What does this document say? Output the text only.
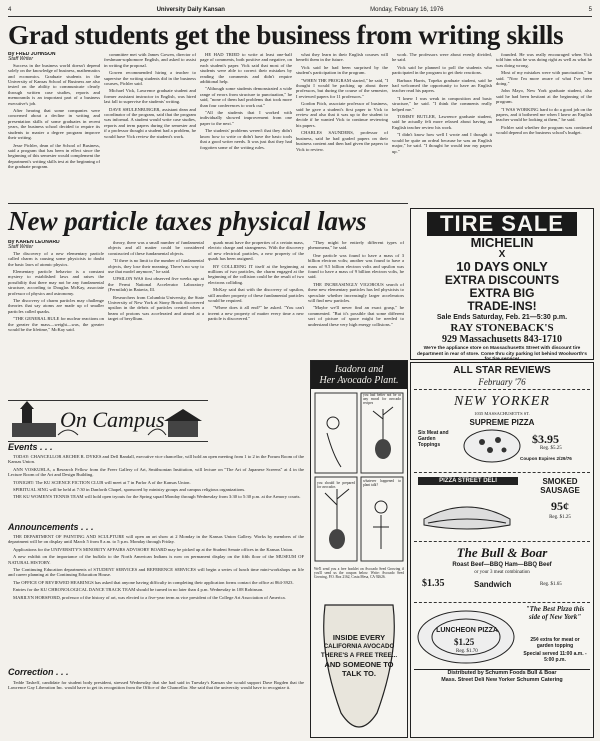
4	University Daily Kansan	Monday, February 16, 1976	5
Grad students get the business from writing skills
By FRED JOHNSON
Staff Writer

Success in the business world doesn't depend solely on the knowledge of business, mathematics and economics. Graduate students in the University of Kansas School of Business are also tested on the ability to communicate clearly through written case studies, reports and memoranda is an important part of a business executive's job.

After hearing that some companies were concerned about a decline in writing and presentation skills of some graduates in recent years, the business school decided to require its students to master a degree program improve their writing.

Jesse Pichler, dean of the School of Business, said a program that has been in effect since the beginning of this semester would complement the department's writing skills test at the beginning of the graduate program.

committee met with James Gowen, director of freshman-sophomore English, and asked to assist in writing the proposal.

Gowen recommended hiring a teacher to supervise the writing students did in the business courses, Pichler said.

Michael Vick, Lawrence graduate student and former assistant instructor in English, was hired last fall to supervise the students' writing.

DAVE SHULENBURGER, assistant dean and coordinator of the program, said that the program was informal. A student would write case studies, reports and term papers during the semester and if a professor thought a student had a problem, he would have Vick review the student's work.

HE HAD TRIED to write at least one-half page of comments, both positive and negative, on each student's paper. Vick said that most of the students were able to correct their mistakes by reading the comments and didn't require additional help.

"Although some students demonstrated a wide range of errors from structure to punctuation," he said, "none of them had problems that took more than four conferences to work out."

"All the students that I worked with individually showed improvement from one paper to the next."

The students' problems weren't that they didn't know how to write or didn't have the basic tools that a good writer needs. It was just that they had forgotten some of the writing rules.

what they learn in their English courses will benefit them in the future.

Vick said he had been surprised by the student's participation in the program.

"WHEN THE PROGRAM started," he said, "I thought I would be packing up about three professors, but during the course of the semester, I reviewed papers for 11 professors."

Gordon Fitch, associate professor of business, said he gave a student's first paper to Vick to review and also that it was up to the student to decide if he wanted Vick to continue reviewing his papers.

CHARLES SAUNDERS, professor of business, said he had graded papers on their business content and then had given the papers to Vick to review.

work. The professors were about evenly divided, he said.

Vick said he planned to poll the students who participated in the program to get their reactions.

Barbara Harris, Topeka graduate student, said he had welcomed the opportunity to have an English teacher read his papers.

"I knew I was weak in composition and basic structure," he said. "I think the comments really helped me."

TOMMY BUTLER, Lawrence graduate student, said he actually felt more relaxed about having an English teacher review his work.

"I didn't know how well I wrote and I thought it would be quite an ordeal because he was an English major," he said. "I thought he would tear my papers up."

founded. He was really encouraged when Vick told him what he was doing right as well as what he was doing wrong.

Most of my mistakes were with punctuation," he said. "Now I'm more aware of what I've been doing."

John Mayo, New York graduate student, also said he had been hesitant at the beginning of the program.

"I WAS WORKING hard to do a good job on the papers, and it bothered me when I knew an English teacher would be looking at them," he said.

Pichler said whether the program was continued would depend on the business school's budget.

New particle taxes physical laws
By KAREN LEONARD
Staff Writer

The discovery of a new elementary particle called charm is causing some physicists to doubt the basic laws of atomic physics.

Elementary particle behavior is a constant mystery to established laws and raises the possibility that there may not be any fundamental structure, according to Douglas McKay, associate professor of physics and astronomy.

The discovery of charm particles may challenge theories that say atoms are made up of smaller particles called quarks.

"THE GENERAL RULE for nuclear reactions on the greater the mass—weight—was, the greater would be the lifetime," McKay said.

theory, there was a small number of fundamental objects and all matter could be considered constructed of these fundamental objects.

"If there is no limit to the number of fundamental objects, they lose their meaning. There's no way to use that model anymore," he said.

UPSILON WAS first observed five weeks ago at the Fermi National Accelerator Laboratory (Fermilab) in Batavia, Ill.

Researchers from Columbia University, the State University of New York at Stony Brook discovered upsilon in the debris of particles created when a beam of protons was accelerated and aimed at a target of beryllium.

quark must have the properties of a certain mass, electric charge and strangeness. With the discovery of new electrical particles, a new property of the quark has been assigned.

BY COLLIDING IT itself at the beginning at millions of two particles, the charm engaged at the beginning of the collision could be the result of two electrons colliding.

McKay said that with the discovery of upsilon, still another property of these fundamental particles would be required.

"Where does it all end?" he asked. "You can't invent a new property of matter every time a new particle is discovered."

"They might be entirely different types of phenomena," he said.

One particle was found to have a mass of 3 billion electron volts; another was found to have a mass of 9.5 billion electron volts and upsilon was found to have a mass of 9 billion electron volts, he said.

THE INCREASINGLY VIGOROUS search of these new elementary particles has led physicists to speculate whether increasingly larger accelerators will find new particles.

"Maybe we'll never find an exact grasp," he commented. "But it's possible that some different sort of picture of space might be needed to understand these very high energy collisions."

On Campus
Events . . .

TODAY: CHANCELLOR ARCHIE R. DYKES and Dell Randall, executive vice chancellor, will hold an open meeting from 1 to 2 in the Forum Room of the Kansas Union.

ANN VOSKUHLA, a Research Fellow from the Freer Gallery of Art, Smithsonian Institution, will lecture on "The Art of Japanese Screens" at 4 in the Lecture Room of the Art and Design Building.

TONIGHT: The KU SCIENCE FICTION CLUB will meet at 7 in Parlor A of the Kansas Union.

SPIRITUAL SING will be held at 7:30 in Danforth Chapel, sponsored by ministry groups and campus religious organizations.

THE KU WOMEN'S TENNIS TEAM will hold open tryouts for the Spring squad Monday through Wednesday from 3:30 to 5:30 p.m. at the Armory courts.

Announcements . . .

THE DEPARTMENT OF PAINTING AND SCULPTURE will open an art show at 2 Monday in the Kansas Union Gallery. Works by members of the department will be on display until March 5 from 8 a.m. to 5 p.m. Monday through Friday.

Applications for the UNIVERSITY'S MINORITY AFFAIRS ADVISORY BOARD may be picked up at the Student Senate offices in the Kansas Union.

A new exhibit on the importance of the buffalo to the North American Indians is now on permanent display on the fifth floor of the MUSEUM OF NATURAL HISTORY.

The Continuing Education departments of STUDENT SERVICES and REFERENCE SERVICES will begin a series of lunch time mini-workshops on life and career planning at the Continuing Education House.

The OFFICE OF REVIEWED HEARINGS has asked that anyone having difficulty in completing their application forms contact the office at 864-3923.

Entries for the KU CHRONOLOGICAL DANCE TRACK TEAM should be turned in no later than 4 p.m. Wednesday in 108 Robinson.

MARILYN HORSFORD, professor of the history of art, was elected to a five-year term as vice president of the College Art Association of America.

Correction . . .

Tedde Tasheff, candidate for student body president, stressed Wednesday that she had said in Tuesday's Kansan she would support Dave Bogden that the Lawrence Gay Liberation Inc. would have to get its recognition from the Office of the Chancellor. She said that the university would have to recognize it.

Isadora and
Her Avocado Plant.
you had better not be in any mood for avocado recipes
whatever happened to plant talk?
you should be prepared for avocados
We'll send you a free booklet on Avocado Seed Growing if you'll send us the coupon below. Write: Avocado Seed Growing, P.O. Box 2162, Costa Mesa, CA 92626.
INSIDE EVERY
CALIFORNIA AVOCADO
THERE'S A FREE TREE...
AND SOMEONE TO
TALK TO.
TIRE SALE
MICHELIN
X
10 DAYS ONLY
EXTRA DISCOUNTS
EXTRA BIG
TRADE-INS!
Sale Ends Saturday, Feb. 21—5:30 p.m.
RAY STONEBACK'S
929 Massachusetts 843-1710
We're the appliance store on Massachusetts Street with discount tire department in rear of store. Come thru city parking lot behind Woolworth's for tire service!
ALL STAR REVIEWS
February '76
NEW YORKER
1035 MASSACHUSETTS ST.
SUPREME PIZZA
Six Meat and Garden Toppings	$3.95
Reg. $5.25
Coupon Expires 2/29/76
PIZZA STREET DELI	SMOKED SAUSAGE
95¢
Reg. $1.25
The Bull & Boar
Roast Beef—BBQ Ham—BBQ Beef
or your 3 meat combination
$1.35	Sandwich	Reg. $1.65
LUNCHEON PIZZA
$1.25
Reg. $1.70
"The Best Pizza this side of New York"
25¢ extra for meat or garden topping
Special served 11:00 a.m. - 5:00 p.m.
Distributed by Schumm Foods Bull & Boar
Mass. Street Deli New Yorker Schumm Catering
